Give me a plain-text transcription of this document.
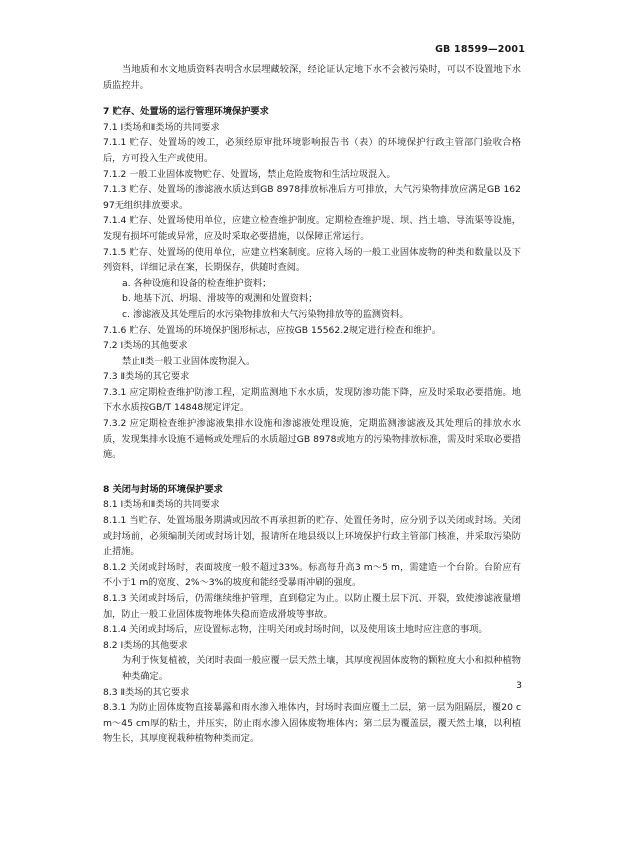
GB 18599—2001

当地质和水文地质资料表明含水层埋藏较深，经论证认定地下水不会被污染时，可以不设置地下水质监控井。

7 贮存、处置场的运行管理环境保护要求

7.1 Ⅰ类场和Ⅱ类场的共同要求

7.1.1 贮存、处置场的竣工，必须经原审批环境影响报告书（表）的环境保护行政主管部门验收合格后，方可投入生产或使用。

7.1.2 一般工业固体废物贮存、处置场，禁止危险废物和生活垃圾混入。

7.1.3 贮存、处置场的渗滤液水质达到GB 8978排放标准后方可排放，大气污染物排放应满足GB 16297无组织排放要求。

7.1.4 贮存、处置场使用单位，应建立检查维护制度。定期检查维护堤、坝、挡土墙、导流渠等设施，发现有损坏可能或异常，应及时采取必要措施，以保障正常运行。

7.1.5 贮存、处置场的使用单位，应建立档案制度。应将入场的一般工业固体废物的种类和数量以及下列资料，详细记录在案，长期保存，供随时查阅。

a. 各种设施和设备的检查维护资料；

b. 地基下沉、坍塌、滑坡等的观测和处置资料；

c. 渗滤液及其处理后的水污染物排放和大气污染物排放等的监测资料。

7.1.6 贮存、处置场的环境保护图形标志，应按GB 15562.2规定进行检查和维护。

7.2 Ⅰ类场的其他要求

禁止Ⅱ类一般工业固体废物混入。

7.3 Ⅱ类场的其它要求

7.3.1 应定期检查维护防渗工程，定期监测地下水水质，发现防渗功能下降，应及时采取必要措施。地下水水质按GB/T 14848规定评定。

7.3.2 应定期检查维护渗滤液集排水设施和渗滤液处理设施，定期监测渗滤液及其处理后的排放水水质，发现集排水设施不通畅或处理后的水质超过GB 8978或地方的污染物排放标准，需及时采取必要措施。

8 关闭与封场的环境保护要求

8.1 Ⅰ类场和Ⅱ类场的共同要求

8.1.1 当贮存、处置场服务期满或因故不再承担新的贮存、处置任务时，应分别予以关闭或封场。关闭或封场前，必须编制关闭或封场计划，报请所在地县级以上环境保护行政主管部门核准，并采取污染防止措施。

8.1.2 关闭或封场时，表面坡度一般不超过33%。标高每升高3 m～5 m，需建造一个台阶。台阶应有不小于1 m的宽度、2%～3%的坡度和能经受暴雨冲刷的强度。

8.1.3 关闭或封场后，仍需继续维护管理，直到稳定为止。以防止覆土层下沉、开裂，致使渗滤液量增加，防止一般工业固体废物堆体失稳而造成滑坡等事故。

8.1.4 关闭或封场后，应设置标志物，注明关闭或封场时间，以及使用该土地时应注意的事项。

8.2 Ⅰ类场的其他要求

为利于恢复植被，关闭时表面一般应覆一层天然土壤，其厚度视固体废物的颗粒度大小和拟种植物种类确定。

8.3 Ⅱ类场的其它要求

8.3.1 为防止固体废物直接暴露和雨水渗入堆体内，封场时表面应覆土二层，第一层为阻隔层，覆20 cm～45 cm厚的粘土，并压实，防止雨水渗入固体废物堆体内；第二层为覆盖层，覆天然土壤，以利植物生长，其厚度视栽种植物种类而定。

3
